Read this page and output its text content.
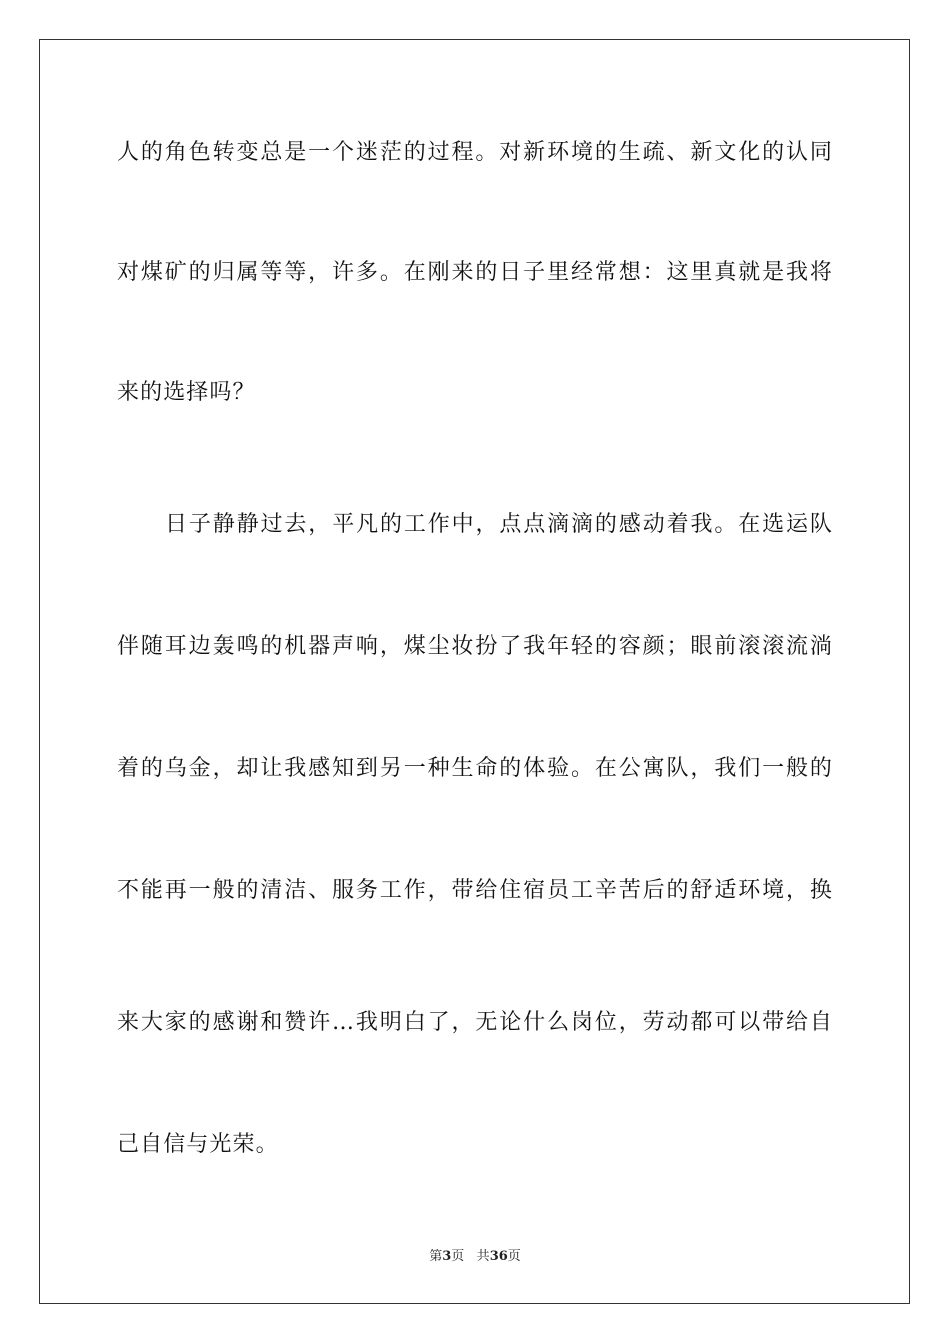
人的角色转变总是一个迷茫的过程。对新环境的生疏、新文化的认同
对煤矿的归属等等，许多。在刚来的日子里经常想：这里真就是我将
来的选择吗？
日子静静过去，平凡的工作中，点点滴滴的感动着我。在选运队
伴随耳边轰鸣的机器声响，煤尘妆扮了我年轻的容颜；眼前滚滚流淌
着的乌金，却让我感知到另一种生命的体验。在公寓队，我们一般的
不能再一般的清洁、服务工作，带给住宿员工辛苦后的舒适环境，换
来大家的感谢和赞许…我明白了，无论什么岗位，劳动都可以带给自
己自信与光荣。
第3页 共36页
